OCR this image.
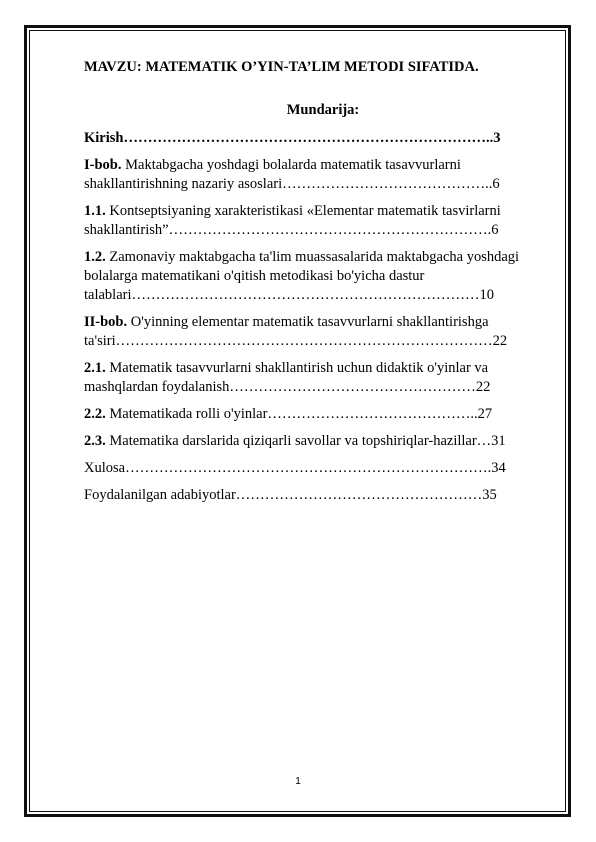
MAVZU: MATEMATIK O’YIN-TA’LIM METODI SIFATIDA.
Mundarija:
Kirish…………………………………………………………………..3
I-bob. Maktabgacha yoshdagi bolalarda matematik tasavvurlarni shakllantirishning nazariy asoslari……………………………………..6
1.1. Kontseptsiyaning xarakteristikasi «Elementar matematik tasvirlarni shakllantirish”………………………………………………………….6
1.2. Zamonaviy maktabgacha ta'lim muassasalarida maktabgacha yoshdagi bolalarga matematikani o'qitish metodikasi bo'yicha dastur talablari………………………………………………………………10
II-bob. O'yinning elementar matematik tasavvurlarni shakllantirishga ta'siri……………………………………………………………………22
2.1. Matematik tasavvurlarni shakllantirish uchun didaktik o'yinlar va mashqlardan foydalanish……………………………………………22
2.2. Matematikada rolli o'yinlar……………………………………..27
2.3. Matematika darslarida qiziqarli savollar va topshiriqlar-hazillar…31
Xulosa………………………………………………………………….34
Foydalanilgan adabiyotlar……………………………………………35
1
